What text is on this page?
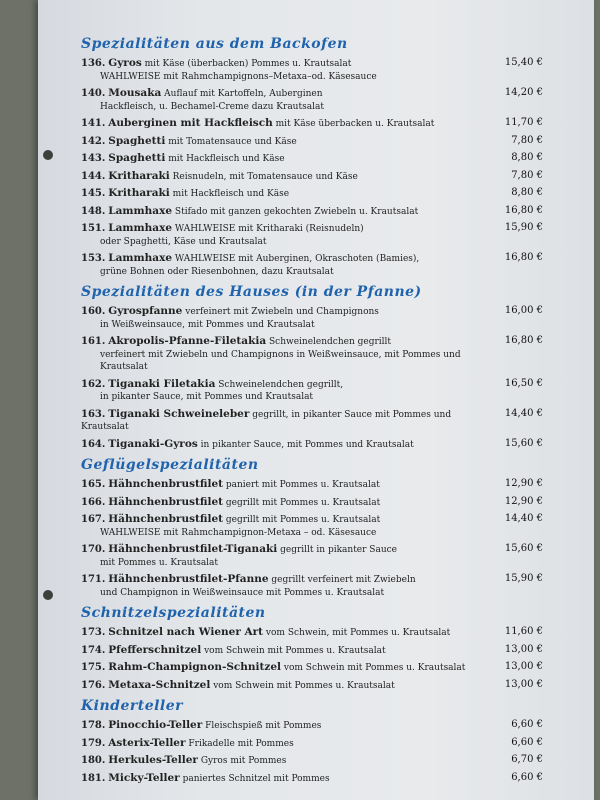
Spezialitäten aus dem Backofen
136. Gyros mit Käse (überbacken) Pommes u. Krautsalat
WAHLWEISE mit Rahmchampignons–Metaxa–od. Käsesauce
15,40 €
140. Mousaka Auflauf mit Kartoffeln, Auberginen
Hackfleisch, u. Bechamel-Creme dazu Krautsalat
14,20 €
141. Auberginen mit Hackfleisch mit Käse überbacken u. Krautsalat	11,70 €
142. Spaghetti mit Tomatensauce und Käse	7,80 €
143. Spaghetti mit Hackfleisch und Käse	8,80 €
144. Kritharaki Reisnudeln, mit Tomatensauce und Käse	7,80 €
145. Kritharaki mit Hackfleisch und Käse	8,80 €
148. Lammhaxe Stifado mit ganzen gekochten Zwiebeln u. Krautsalat	16,80 €
151. Lammhaxe WAHLWEISE mit Kritharaki (Reisnudeln)
oder Spaghetti, Käse und Krautsalat
15,90 €
153. Lammhaxe WAHLWEISE mit Auberginen, Okraschoten (Bamies),
grüne Bohnen oder Riesenbohnen, dazu Krautsalat
16,80 €
Spezialitäten des Hauses (in der Pfanne)
160. Gyrospfanne verfeinert mit Zwiebeln und Champignons
in Weißweinsauce, mit Pommes und Krautsalat
16,00 €
161. Akropolis-Pfanne-Filetakia Schweinelendchen gegrillt
verfeinert mit Zwiebeln und Champignons in Weißweinsauce, mit Pommes und Krautsalat
16,80 €
162. Tiganaki Filetakia Schweinelendchen gegrillt,
in pikanter Sauce, mit Pommes und Krautsalat
16,50 €
163. Tiganaki Schweineleber gegrillt, in pikanter Sauce mit Pommes und Krautsalat
14,40 €
164. Tiganaki-Gyros in pikanter Sauce, mit Pommes und Krautsalat	15,60 €
Geflügelspezialitäten
165. Hähnchenbrustfilet paniert mit Pommes u. Krautsalat	12,90 €
166. Hähnchenbrustfilet gegrillt mit Pommes u. Krautsalat	12,90 €
167. Hähnchenbrustfilet gegrillt mit Pommes u. Krautsalat
WAHLWEISE mit Rahmchampignon-Metaxa – od. Käsesauce
14,40 €
170. Hähnchenbrustfilet-Tiganaki gegrillt in pikanter Sauce
mit Pommes u. Krautsalat
15,60 €
171. Hähnchenbrustfilet-Pfanne gegrillt verfeinert mit Zwiebeln
und Champignon in Weißweinsauce mit Pommes u. Krautsalat
15,90 €
Schnitzelspezialitäten
173. Schnitzel nach Wiener Art vom Schwein, mit Pommes u. Krautsalat	11,60 €
174. Pfefferschnitzel vom Schwein mit Pommes u. Krautsalat	13,00 €
175. Rahm-Champignon-Schnitzel vom Schwein mit Pommes u. Krautsalat	13,00 €
176. Metaxa-Schnitzel vom Schwein mit Pommes u. Krautsalat	13,00 €
Kinderteller
178. Pinocchio-Teller Fleischspieß mit Pommes	6,60 €
179. Asterix-Teller Frikadelle mit Pommes	6,60 €
180. Herkules-Teller Gyros mit Pommes	6,70 €
181. Micky-Teller paniertes Schnitzel mit Pommes	6,60 €
